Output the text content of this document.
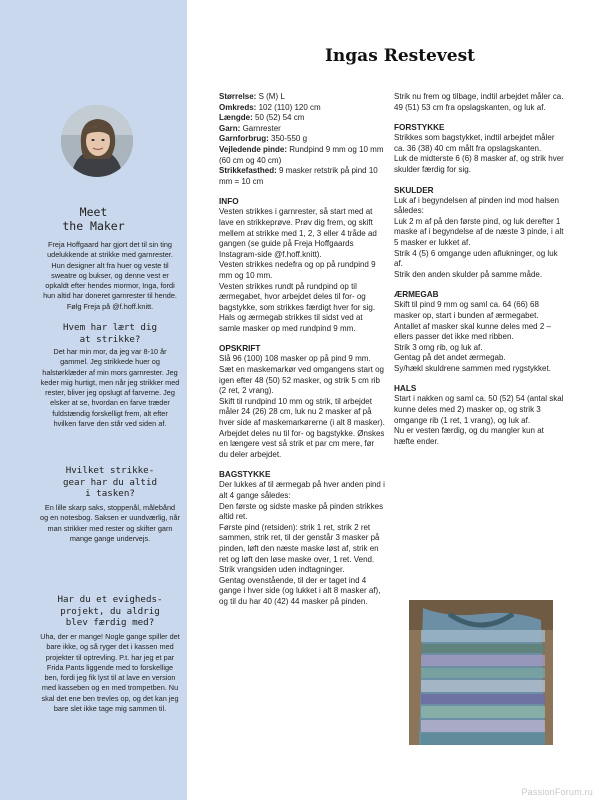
Meet
the Maker
Freja Hoffgaard har gjort det til sin ting udelukkende at strikke med garnrester. Hun designer alt fra huer og veste til sweatre og bukser, og denne vest er opkaldt efter hendes mormor, Inga, fordi hun altid har doneret garnrester til hende. Følg Freja på @f.hoff.knitt.
Hvem har lært dig
at strikke?
Det har min mor, da jeg var 8-10 år gammel. Jeg strikkede huer og halstørklæder af min mors garnrester. Jeg keder mig hurtigt, men når jeg strikker med rester, bliver jeg opslugt af farverne. Jeg elsker at se, hvordan en farve træder fuldstændig forskelligt frem, alt efter hvilken farve den står ved siden af.
Hvilket strikke-
gear har du altid
i tasken?
En lille skarp saks, stoppenål, målebånd og en notesbog. Saksen er uundværlig, når man strikker med rester og skifter garn mange gange undervejs.
Har du et evigheds-
projekt, du aldrig
blev færdig med?
Uha, der er mange! Nogle gange spiller det bare ikke, og så ryger det i kassen med projekter til optrevling. P.t. har jeg et par Frida Pants liggende med to forskellige ben, fordi jeg fik lyst til at lave en version med kasseben og en med trompetben. Nu skal det ene ben trevles op, og det kan jeg bare slet ikke tage mig sammen til.
Ingas Restevest

Størrelse: S (M) L

Omkreds: 102 (110) 120 cm

Længde: 50 (52) 54 cm

Garn: Garnrester

Garnforbrug: 350-550 g

Vejledende pinde: Rundpind 9 mm og 10 mm (60 cm og 40 cm)

Strikkefasthed: 9 masker retstrik på pind 10 mm = 10 cm

INFO

Vesten strikkes i garnrester, så start med at lave en strikkeprøve. Prøv dig frem, og skift mellem at strikke med 1, 2, 3 eller 4 tråde ad gangen (se guide på Freja Hoffgaards Instagram-side @f.hoff.knitt).

Vesten strikkes nedefra og op på rundpind 9 mm og 10 mm.

Vesten strikkes rundt på rundpind op til ærmegabet, hvor arbejdet deles til for- og bagstykke, som strikkes færdigt hver for sig.

Hals og ærmegab strikkes til sidst ved at samle masker op med rundpind 9 mm.

OPSKRIFT

Slå 96 (100) 108 masker op på pind 9 mm. Sæt en maskemarkør ved omgangens start og igen efter 48 (50) 52 masker, og strik 5 cm rib (2 ret, 2 vrang).

Skift til rundpind 10 mm og strik, til arbejdet måler 24 (26) 28 cm, luk nu 2 masker af på hver side af maskemarkørerne (i alt 8 masker).

Arbejdet deles nu til for- og bagstykke. Ønskes en længere vest så strik et par cm mere, før du deler arbejdet.

BAGSTYKKE

Der lukkes af til ærmegab på hver anden pind i alt 4 gange således:

Den første og sidste maske på pinden strikkes altid ret.

Første pind (retsiden): strik 1 ret, strik 2 ret sammen, strik ret, til der genstår 3 masker på pinden, løft den næste maske løst af, strik en ret og løft den løse maske over, 1 ret. Vend. Strik vrangsiden uden indtagninger.

Gentag ovenstående, til der er taget ind 4 gange i hver side (og lukket i alt 8 masker af), og til du har 40 (42) 44 masker på pinden.

Strik nu frem og tilbage, indtil arbejdet måler ca. 49 (51) 53 cm fra opslagskanten, og luk af.

FORSTYKKE

Strikkes som bagstykket, indtil arbejdet måler ca. 36 (38) 40 cm målt fra opslagskanten.

Luk de midterste 6 (6) 8 masker af, og strik hver skulder færdig for sig.

SKULDER

Luk af i begyndelsen af pinden ind mod halsen således:

Luk 2 m af på den første pind, og luk derefter 1 maske af i begyndelse af de næste 3 pinde, i alt 5 masker er lukket af.

Strik 4 (5) 6 omgange uden aflukninger, og luk af.

Strik den anden skulder på samme måde.

ÆRMEGAB

Skift til pind 9 mm og saml ca. 64 (66) 68 masker op, start i bunden af ærmegabet. Antallet af masker skal kunne deles med 2 – ellers passer det ikke med ribben.

Strik 3 omg rib, og luk af.

Gentag på det andet ærmegab.

Sy/hækl skuldrene sammen med rygstykket.

HALS

Start i nakken og saml ca. 50 (52) 54 (antal skal kunne deles med 2) masker op, og strik 3 omgange rib (1 ret, 1 vrang), og luk af.

Nu er vesten færdig, og du mangler kun at hæfte ender.

PassionForum.ru
